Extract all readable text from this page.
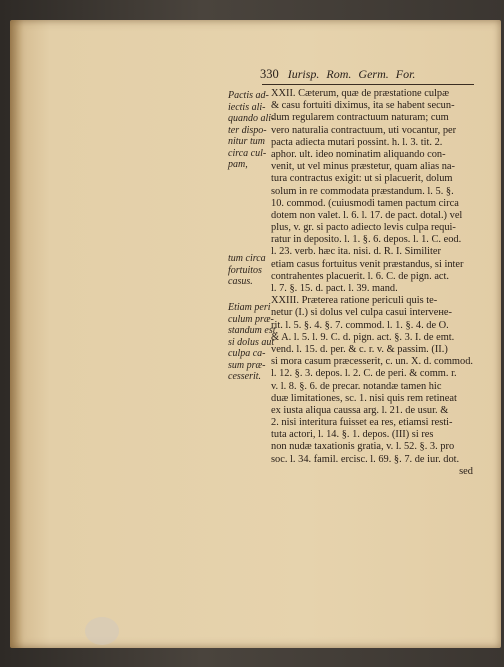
330 Iurisp. Rom. Germ. For.
Pactis ad-
iectis ali-
quando ali-
ter dispo-
nitur tum
circa cul-
pam,
tum circa
fortuitos
casus.
Etiam peri
culum præ-
standum est,
si dolus aut
culpa ca-
sum præ-
cesserit.
XXII. Cæterum, quæ de præstatione culpæ
& casu fortuiti diximus, ita se habent secun-
dum regularem contractuum naturam; cum
vero naturalia contractuum, uti vocantur, per
pacta adiecta mutari possint. h. l. 3. tit. 2.
aphor. ult. ideo nominatim aliquando con-
venit, ut vel minus præstetur, quam alias na-
tura contractus exigit: ut si placuerit, dolum
solum in re commodata præstandum. l. 5. §.
10. commod. (cuiusmodi tamen pactum circa
dotem non valet. l. 6. l. 17. de pact. dotal.) vel
plus, v. gr. si pacto adiecto levis culpa requi-
ratur in deposito. l. 1. §. 6. depos. l. 1. C. eod.
l. 23. verb. hæc ita. nisi. d. R. I. Similiter
etiam casus fortuitus venit præstandus, si inter
contrahentes placuerit. l. 6. C. de pign. act.
l. 7. §. 15. d. pact. l. 39. mand.
XXIII. Præterea ratione periculi quis te-
netur (I.) si dolus vel culpa casui interveне-
rit. l. 5. §. 4. §. 7. commod. l. 1. §. 4. de O.
& A. l. 5. l. 9. C. d. pign. act. §. 3. I. de emt.
vend. l. 15. d. per. & c. r. v. & passim. (II.)
si mora casum præcesserit, c. un. X. d. commod.
l. 12. §. 3. depos. l. 2. C. de peri. & comm. r.
v. l. 8. §. 6. de precar. notandæ tamen hic
duæ limitationes, sc. 1. nisi quis rem retineat
ex iusta aliqua caussa arg. l. 21. de usur. &
2. nisi interitura fuisset ea res, etiamsi resti-
tuta actori, l. 14. §. 1. depos. (III) si res
non nudæ taxationis gratia, v. l. 52. §. 3. pro
soc. l. 34. famil. ercisc. l. 69. §. 7. de iur. dot.
sed
